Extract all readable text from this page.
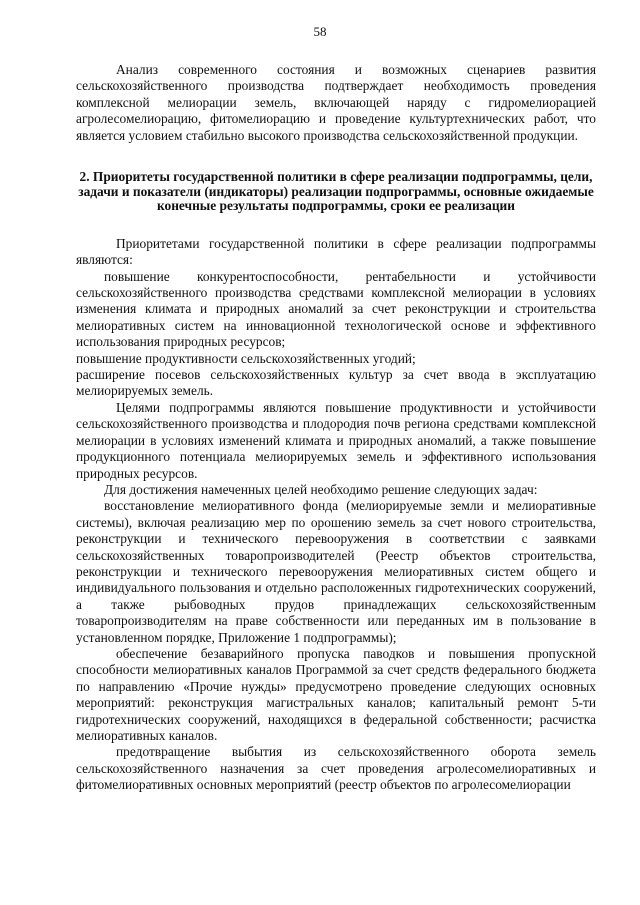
58

Анализ современного состояния и возможных сценариев развития сельскохозяйственного производства подтверждает необходимость проведения комплексной мелиорации земель, включающей наряду с гидромелиорацией агролесомелиорацию, фитомелиорацию и проведение культуртехнических работ, что является условием стабильно высокого производства сельскохозяйственной продукции.

2. Приоритеты государственной политики в сфере реализации подпрограммы, цели, задачи и показатели (индикаторы) реализации подпрограммы, основные ожидаемые конечные результаты подпрограммы, сроки ее реализации

Приоритетами государственной политики в сфере реализации подпрограммы являются:

повышение конкурентоспособности, рентабельности и устойчивости сельскохозяйственного производства средствами комплексной мелиорации в условиях изменения климата и природных аномалий за счет реконструкции и строительства мелиоративных систем на инновационной технологической основе и эффективного использования природных ресурсов;

повышение продуктивности сельскохозяйственных угодий;

расширение посевов сельскохозяйственных культур за счет ввода в эксплуатацию мелиорируемых земель.

Целями подпрограммы являются повышение продуктивности и устойчивости сельскохозяйственного производства и плодородия почв региона средствами комплексной мелиорации в условиях изменений климата и природных аномалий, а также повышение продукционного потенциала мелиорируемых земель и эффективного использования природных ресурсов.

Для достижения намеченных целей необходимо решение следующих задач:

восстановление мелиоративного фонда (мелиорируемые земли и мелиоративные системы), включая реализацию мер по орошению земель за счет нового строительства, реконструкции и технического перевооружения в соответствии с заявками сельскохозяйственных товаропроизводителей (Реестр объектов строительства, реконструкции и технического перевооружения мелиоративных систем общего и индивидуального пользования и отдельно расположенных гидротехнических сооружений, а также рыбоводных прудов принадлежащих сельскохозяйственным товаропроизводителям на праве собственности или переданных им в пользование в установленном порядке, Приложение 1 подпрограммы);

обеспечение безаварийного пропуска паводков и повышения пропускной способности мелиоративных каналов Программой за счет средств федерального бюджета по направлению «Прочие нужды» предусмотрено проведение следующих основных мероприятий: реконструкция магистральных каналов; капитальный ремонт 5-ти гидротехнических сооружений, находящихся в федеральной собственности; расчистка мелиоративных каналов.

предотвращение выбытия из сельскохозяйственного оборота земель сельскохозяйственного назначения за счет проведения агролесомелиоративных и фитомелиоративных основных мероприятий (реестр объектов по агролесомелиорации
